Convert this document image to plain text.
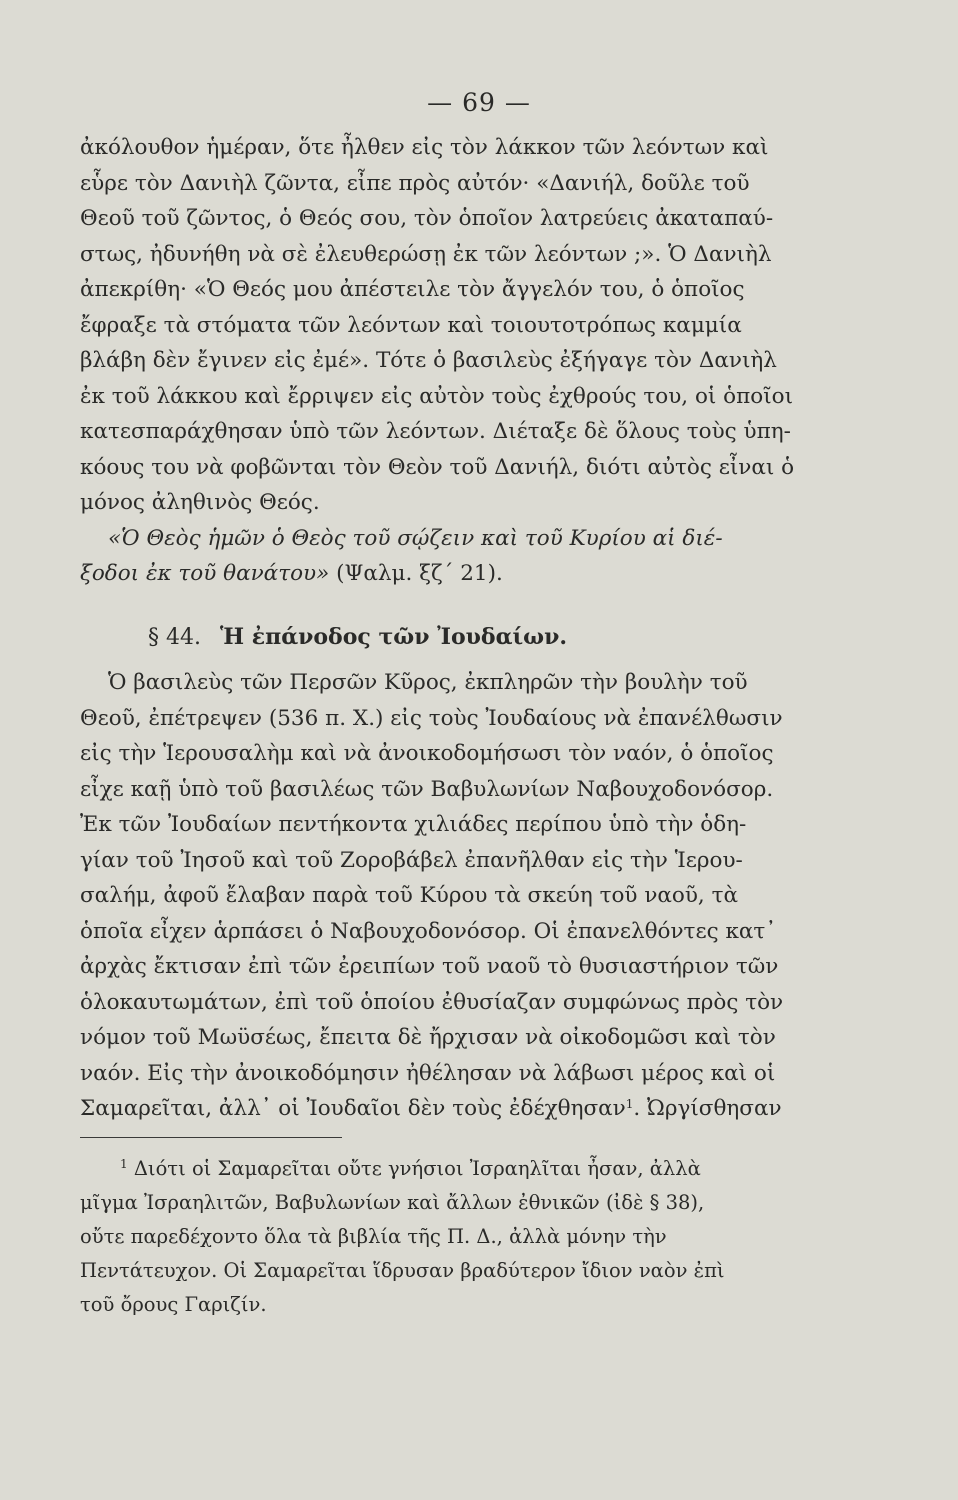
— 69 —
ἀκόλουθον ἡμέραν, ὅτε ἦλθεν εἰς τὸν λάκκον τῶν λεόντων καὶ
εὗρε τὸν Δανιὴλ ζῶντα, εἶπε πρὸς αὐτόν· «Δανιήλ, δοῦλε τοῦ
Θεοῦ τοῦ ζῶντος, ὁ Θεός σου, τὸν ὁποῖον λατρεύεις ἀκαταπαύ-
στως, ἠδυνήθη νὰ σὲ ἐλευθερώσῃ ἐκ τῶν λεόντων ;». Ὁ Δανιὴλ
ἀπεκρίθη· «Ὁ Θεός μου ἀπέστειλε τὸν ἄγγελόν του, ὁ ὁποῖος
ἔφραξε τὰ στόματα τῶν λεόντων καὶ τοιουτοτρόπως καμμία
βλάβη δὲν ἔγινεν εἰς ἐμέ». Τότε ὁ βασιλεὺς ἐξήγαγε τὸν Δανιὴλ
ἐκ τοῦ λάκκου καὶ ἔρριψεν εἰς αὐτὸν τοὺς ἐχθρούς του, οἱ ὁποῖοι
κατεσπαράχθησαν ὑπὸ τῶν λεόντων. Διέταξε δὲ ὅλους τοὺς ὑπη-
κόους του νὰ φοβῶνται τὸν Θεὸν τοῦ Δανιήλ, διότι αὐτὸς εἶναι ὁ
μόνος ἀληθινὸς Θεός.
«Ὁ Θεὸς ἡμῶν ὁ Θεὸς τοῦ σῴζειν καὶ τοῦ Κυρίου αἱ διέ-
ξοδοι ἐκ τοῦ θανάτου» (Ψαλμ. ξζ΄ 21).
§ 44. Ἡ ἐπάνοδος τῶν Ἰουδαίων.
Ὁ βασιλεὺς τῶν Περσῶν Κῦρος, ἐκπληρῶν τὴν βουλὴν τοῦ
Θεοῦ, ἐπέτρεψεν (536 π. Χ.) εἰς τοὺς Ἰουδαίους νὰ ἐπανέλθωσιν
εἰς τὴν Ἱερουσαλὴμ καὶ νὰ ἀνοικοδομήσωσι τὸν ναόν, ὁ ὁποῖος
εἶχε καῇ ὑπὸ τοῦ βασιλέως τῶν Βαβυλωνίων Ναβουχοδονόσορ.
Ἐκ τῶν Ἰουδαίων πεντήκοντα χιλιάδες περίπου ὑπὸ τὴν ὁδη-
γίαν τοῦ Ἰησοῦ καὶ τοῦ Ζοροβάβελ ἐπανῆλθαν εἰς τὴν Ἱερου-
σαλήμ, ἀφοῦ ἔλαβαν παρὰ τοῦ Κύρου τὰ σκεύη τοῦ ναοῦ, τὰ
ὁποῖα εἶχεν ἁρπάσει ὁ Ναβουχοδονόσορ. Οἱ ἐπανελθόντες κατ᾽
ἀρχὰς ἔκτισαν ἐπὶ τῶν ἐρειπίων τοῦ ναοῦ τὸ θυσιαστήριον τῶν
ὁλοκαυτωμάτων, ἐπὶ τοῦ ὁποίου ἐθυσίαζαν συμφώνως πρὸς τὸν
νόμον τοῦ Μωϋσέως, ἔπειτα δὲ ἤρχισαν νὰ οἰκοδομῶσι καὶ τὸν
ναόν. Εἰς τὴν ἀνοικοδόμησιν ἠθέλησαν νὰ λάβωσι μέρος καὶ οἱ
Σαμαρεῖται, ἀλλ᾽ οἱ Ἰουδαῖοι δὲν τοὺς ἐδέχθησαν$^1$. Ὠργίσθησαν
$^1$ Διότι οἱ Σαμαρεῖται οὔτε γνήσιοι Ἰσραηλῖται ἦσαν, ἀλλὰ
μῖγμα Ἰσραηλιτῶν, Βαβυλωνίων καὶ ἄλλων ἐθνικῶν (ἰδὲ § 38),
οὔτε παρεδέχοντο ὅλα τὰ βιβλία τῆς Π. Δ., ἀλλὰ μόνην τὴν
Πεντάτευχον. Οἱ Σαμαρεῖται ἵδρυσαν βραδύτερον ἴδιον ναὸν ἐπὶ
τοῦ ὄρους Γαριζίν.
